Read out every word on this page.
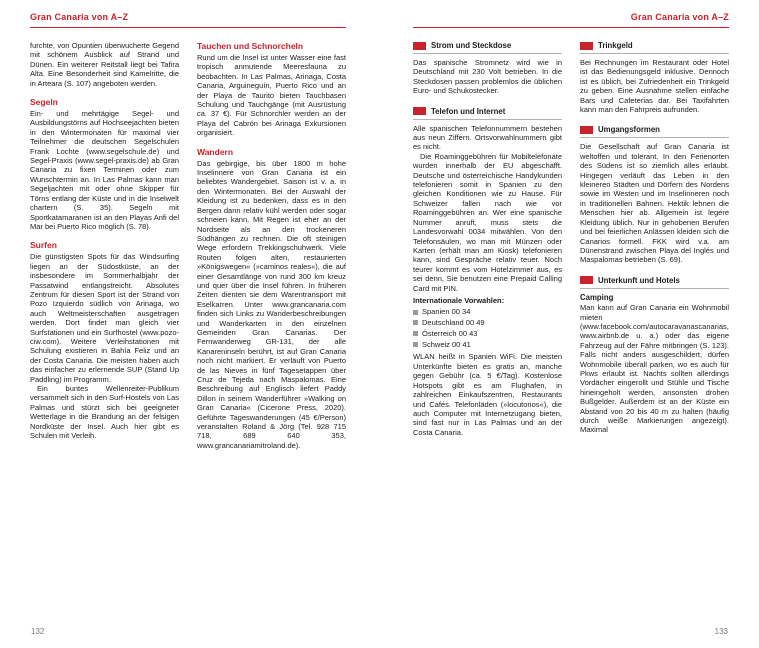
Gran Canaria von A–Z

furchte, von Opuntien überwucherte Gegend mit schönem Ausblick auf Strand und Dünen. Ein weiterer Reitstall liegt bei Tafira Alta. Eine Besonderheit sind Kamelritte, die in Arteara (S. 107) angeboten werden.

Segeln

Ein- und mehrtägige Segel- und Ausbildungstörns auf Hochseejachten bieten in den Wintermonaten für maximal vier Teilnehmer die deutschen Segelschulen Frank Lochte (www.segelschule.de) und Segel-Praxis (www.segel-praxis.de) ab Gran Canaria zu fixen Terminen oder zum Wunschtermin an. In Las Palmas kann man Segeljachten mit oder ohne Skipper für Törns entlang der Küste und in die Inselwelt chartern (S. 35). Segeln mit Sportkatamaranen ist an den Playas Anfi del Mar bei Puerto Rico möglich (S. 78).

Surfen

Die günstigsten Spots für das Windsurfing liegen an der Südostküste, an der insbesondere im Sommerhalbjahr der Passatwind entlangstreicht. Absolutes Zentrum für diesen Sport ist der Strand von Pozo Izquierdo südlich von Arinaga, wo auch Weltmeisterschaften ausgetragen werden. Dort findet man gleich vier Surfstationen und ein Surfhostel (www.pozo-ciw.com). Weitere Verleihstationen mit Schulung existieren in Bahía Feliz und an der Costa Canaria. Die meisten haben auch das einfacher zu erlernende SUP (Stand Up Paddling) im Programm.

Ein buntes Wellenreiter-Publikum versammelt sich in den Surf-Hostels von Las Palmas und stürzt sich bei geeigneter Wetterlage in die Brandung an der felsigen Nordküste der Insel. Auch hier gibt es Schulen mit Verleih.

Tauchen und Schnorcheln

Rund um die Insel ist unter Wasser eine fast tropisch anmutende Meeresfauna zu beobachten. In Las Palmas, Arinaga, Costa Canaria, Arguineguín, Puerto Rico und an der Playa de Taurito bieten Tauchbasen Schulung und Tauchgänge (mit Ausrüstung ca. 37 €). Für Schnorchler werden an der Playa del Cabrón bei Arinaga Exkursionen organisiert.

Wandern

Das gebirgige, bis über 1800 m hohe Inselinnere von Gran Canaria ist ein beliebtes Wandergebiet. Saison ist v. a. in den Wintermonaten. Bei der Auswahl der Kleidung ist zu bedenken, dass es in den Bergen dann relativ kühl werden oder sogar schneien kann. Mit Regen ist eher an der Nordseite als an den trockeneren Südhängen zu rechnen. Die oft steinigen Wege erfordern Trekkingschuhwerk. Viele Routen folgen alten, restaurierten »Königswegen« (»caminos reales«), die auf einer Gesamtlänge von rund 300 km kreuz und quer über die Insel führen. In früheren Zeiten dienten sie dem Warentransport mit Eselkarren. Unter www.grancanaria.com finden sich Links zu Wanderbeschreibungen und Wanderkarten in den einzelnen Gemeinden Gran Canarias. Der Fernwanderweg GR-131, der alle Kanareninseln berührt, ist auf Gran Canaria noch nicht markiert. Er verläuft von Puerto de las Nieves in fünf Tagesetappen über Cruz de Tejeda nach Maspalomas. Eine Beschreibung auf Englisch liefert Paddy Dillon in seinem Wanderführer »Walking on Gran Canaria« (Cicerone Press, 2020). Geführte Tageswanderungen (45 €/Person) veranstalten Roland & Jörg (Tel. 928 715 718, 689 640 353, www.grancanariamitroland.de).

Gran Canaria von A–Z
Strom und Steckdose

Das spanische Stromnetz wird wie in Deutschland mit 230 Volt betrieben. In die Steckdosen passen problemlos die üblichen Euro- und Schukostecker.

Telefon und Internet

Alle spanischen Telefonnummern bestehen aus neun Ziffern. Ortsvorwahlnummern gibt es nicht.

Die Roaminggebühren für Mobiltelefonate wurden innerhalb der EU abgeschafft. Deutsche und österreichische Handykunden telefonieren somit in Spanien zu den gleichen Konditionen wie zu Hause. Für Schweizer fallen nach wie vor Roaminggebühren an. Wer eine spanische Nummer anruft, muss stets die Landesvorwahl 0034 mitwählen. Von den Telefonsäulen, wo man mit Münzen oder Karten (erhält man am Kiosk) telefonieren kann, sind Gespräche relativ teuer. Noch teurer kommt es vom Hotelzimmer aus, es sei denn, Sie benutzen eine Prepaid Calling Card mit PIN.

Internationale Vorwahlen:

Spanien 00 34
Deutschland 00 49
Österreich 00 43
Schweiz 00 41

WLAN heißt in Spanien WiFi. Die meisten Unterkünfte bieten es gratis an, manche gegen Gebühr (ca. 5 €/Tag). Kostenlose Hotspots gibt es am Flughafen, in zahlreichen Einkaufszentren, Restaurants und Cafés. Telefonläden (»locutorios«), die auch Computer mit Internetzugang bieten, sind fast nur in Las Palmas und an der Costa Canaria.

Trinkgeld

Bei Rechnungen im Restaurant oder Hotel ist das Bedienungsgeld inklusive. Dennoch ist es üblich, bei Zufriedenheit ein Trinkgeld zu geben. Eine Ausnahme stellen einfache Bars und Cafeterias dar. Bei Taxifahrten kann man den Fahrpreis aufrunden.

Umgangsformen

Die Gesellschaft auf Gran Canaria ist weltoffen und tolerant. In den Ferienorten des Südens ist so ziemlich alles erlaubt. Hingegen verläuft das Leben in den kleineren Städten und Dörfern des Nordens sowie im Westen und im Inselinneren noch in traditionellen Bahnen. Hektik lehnen die Menschen hier ab. Allgemein ist legere Kleidung üblich. Nur in gehobenen Berufen und bei feierlichen Anlässen kleiden sich die Canarios formell. FKK wird v.a. am Dünenstrand zwischen Playa del Inglés und Maspalomas betrieben (S. 69).

Unterkunft und Hotels
Camping

Man kann auf Gran Canaria ein Wohnmobil mieten (www.facebook.com/autocaravanascanarias, www.airbnb.de u. a.) oder das eigene Fahrzeug auf der Fähre mitbringen (S. 123). Falls nicht anders ausgeschildert, dürfen Wohnmobile überall parken, wo es auch für Pkws erlaubt ist. Nachts sollten allerdings Vordächer eingerollt und Stühle und Tische hineingeholt werden, ansonsten drohen Bußgelder. Außerdem ist an der Küste ein Abstand von 20 bis 40 m zu halten (häufig durch weiße Markierungen angezeigt). Maximal

132	133
